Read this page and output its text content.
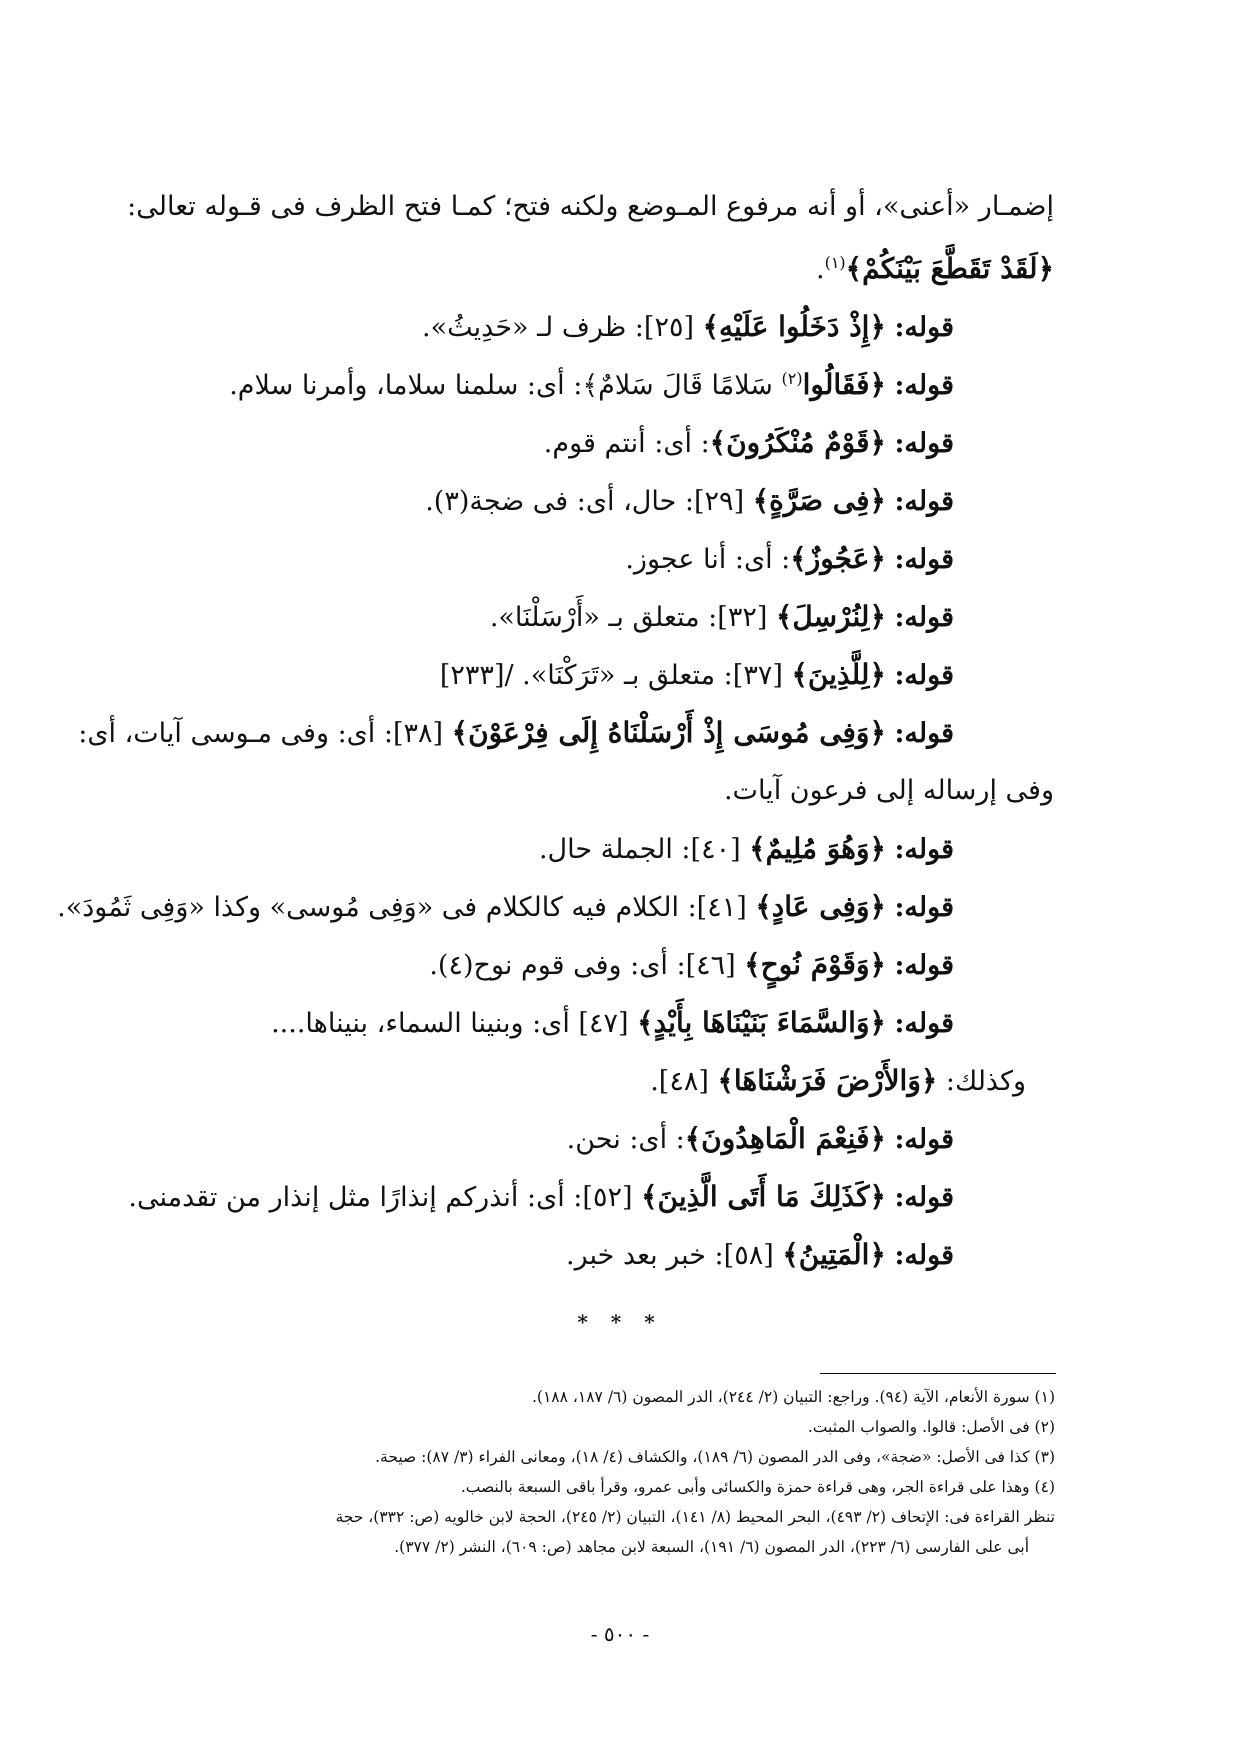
إضمـار «أعنى»، أو أنه مرفوع المـوضع ولكنه فتح؛ كمـا فتح الظرف فى قـوله تعالى:
﴿لَقَدْ تَقَطَّعَ بَيْنَكُمْ﴾$^{(١)}$.
قوله: ﴿إِذْ دَخَلُوا عَلَيْهِ﴾ [٢٥]: ظرف لـ «حَدِيثُ».
قوله: ﴿فَقَالُوا$^{(٢)}$ سَلامًا قَالَ سَلامٌ﴾: أى: سلمنا سلاما، وأمرنا سلام.
قوله: ﴿قَوْمٌ مُنْكَرُونَ﴾: أى: أنتم قوم.
قوله: ﴿فِى صَرَّةٍ﴾ [٢٩]: حال، أى: فى ضجة(٣).
قوله: ﴿عَجُوزٌ﴾: أى: أنا عجوز.
قوله: ﴿لِنُرْسِلَ﴾ [٣٢]: متعلق بـ «أَرْسَلْنَا».
قوله: ﴿لِلَّذِينَ﴾ [٣٧]: متعلق بـ «تَرَكْنَا». /[٢٣٣]
قوله: ﴿وَفِى مُوسَى إِذْ أَرْسَلْنَاهُ إِلَى فِرْعَوْنَ﴾ [٣٨]: أى: وفى مـوسى آيات، أى:
وفى إرساله إلى فرعون آيات.
قوله: ﴿وَهُوَ مُلِيمٌ﴾ [٤٠]: الجملة حال.
قوله: ﴿وَفِى عَادٍ﴾ [٤١]: الكلام فيه كالكلام فى «وَفِى مُوسى» وكذا «وَفِى ثَمُودَ».
قوله: ﴿وَقَوْمَ نُوحٍ﴾ [٤٦]: أى: وفى قوم نوح(٤).
قوله: ﴿وَالسَّمَاءَ بَنَيْنَاهَا بِأَيْدٍ﴾ [٤٧] أى: وبنينا السماء، بنيناها....
وكذلك: ﴿وَالأَرْضَ فَرَشْنَاهَا﴾ [٤٨].
قوله: ﴿فَنِعْمَ الْمَاهِدُونَ﴾: أى: نحن.
قوله: ﴿كَذَلِكَ مَا أَتَى الَّذِينَ﴾ [٥٢]: أى: أنذركم إنذارًا مثل إنذار من تقدمنى.
قوله: ﴿الْمَتِينُ﴾ [٥٨]: خبر بعد خبر.
* * *
(١) سورة الأنعام، الآية (٩٤). وراجع: التبيان (٢/ ٢٤٤)، الدر المصون (٦/ ١٨٧، ١٨٨).
(٢) فى الأصل: قالوا. والصواب المثبت.
(٣) كذا فى الأصل: «ضجة»، وفى الدر المصون (٦/ ١٨٩)، والكشاف (٤/ ١٨)، ومعانى الفراء (٣/ ٨٧): صيحة.
(٤) وهذا على قراءة الجر، وهى قراءة حمزة والكسائى وأبى عمرو، وقرأ باقى السبعة بالنصب.
تنظر القراءة فى: الإتحاف (٢/ ٤٩٣)، البحر المحيط (٨/ ١٤١)، التبيان (٢/ ٢٤٥)، الحجة لابن خالويه (ص: ٣٣٢)، حجة
أبى على الفارسى (٦/ ٢٢٣)، الدر المصون (٦/ ١٩١)، السبعة لابن مجاهد (ص: ٦٠٩)، النشر (٢/ ٣٧٧).
- ٥٠٠ -
